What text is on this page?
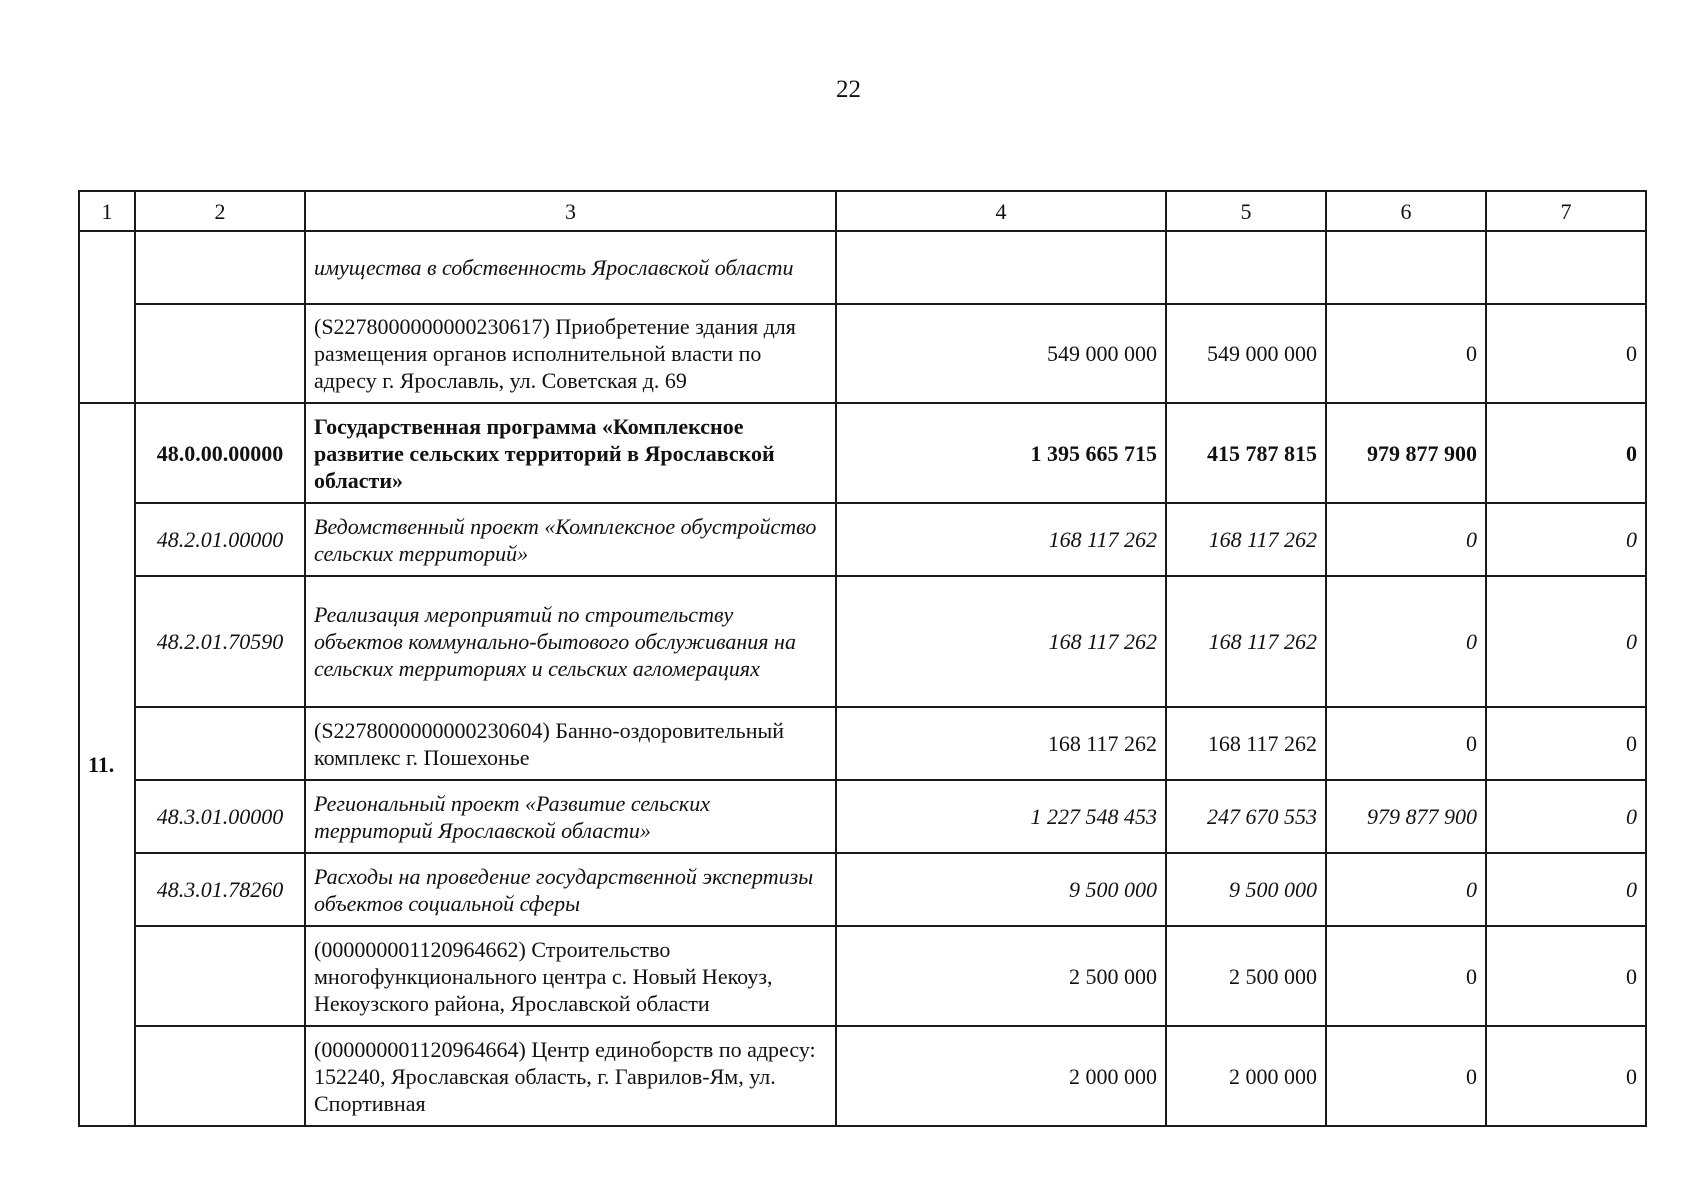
22
1	2	3	4	5	6	7
		имущества в собственность Ярославской области				
		(S2278000000000230617) Приобретение здания для размещения органов исполнительной власти по адресу г. Ярославль, ул. Советская д. 69	549 000 000	549 000 000	0	0
11.	48.0.00.00000	Государственная программа «Комплексное развитие сельских территорий в Ярославской области»	1 395 665 715	415 787 815	979 877 900	0
	48.2.01.00000	Ведомственный проект «Комплексное обустройство сельских территорий»	168 117 262	168 117 262	0	0
	48.2.01.70590	Реализация мероприятий по строительству объектов коммунально-бытового обслуживания на сельских территориях и сельских агломерациях	168 117 262	168 117 262	0	0
		(S2278000000000230604) Банно-оздоровительный комплекс г. Пошехонье	168 117 262	168 117 262	0	0
	48.3.01.00000	Региональный проект «Развитие сельских территорий Ярославской области»	1 227 548 453	247 670 553	979 877 900	0
	48.3.01.78260	Расходы на проведение государственной экспертизы объектов социальной сферы	9 500 000	9 500 000	0	0
		(000000001120964662) Строительство многофункционального центра с. Новый Некоуз, Некоузского района, Ярославской области	2 500 000	2 500 000	0	0
		(000000001120964664) Центр единоборств по адресу: 152240, Ярославская область, г. Гаврилов-Ям, ул. Спортивная	2 000 000	2 000 000	0	0
